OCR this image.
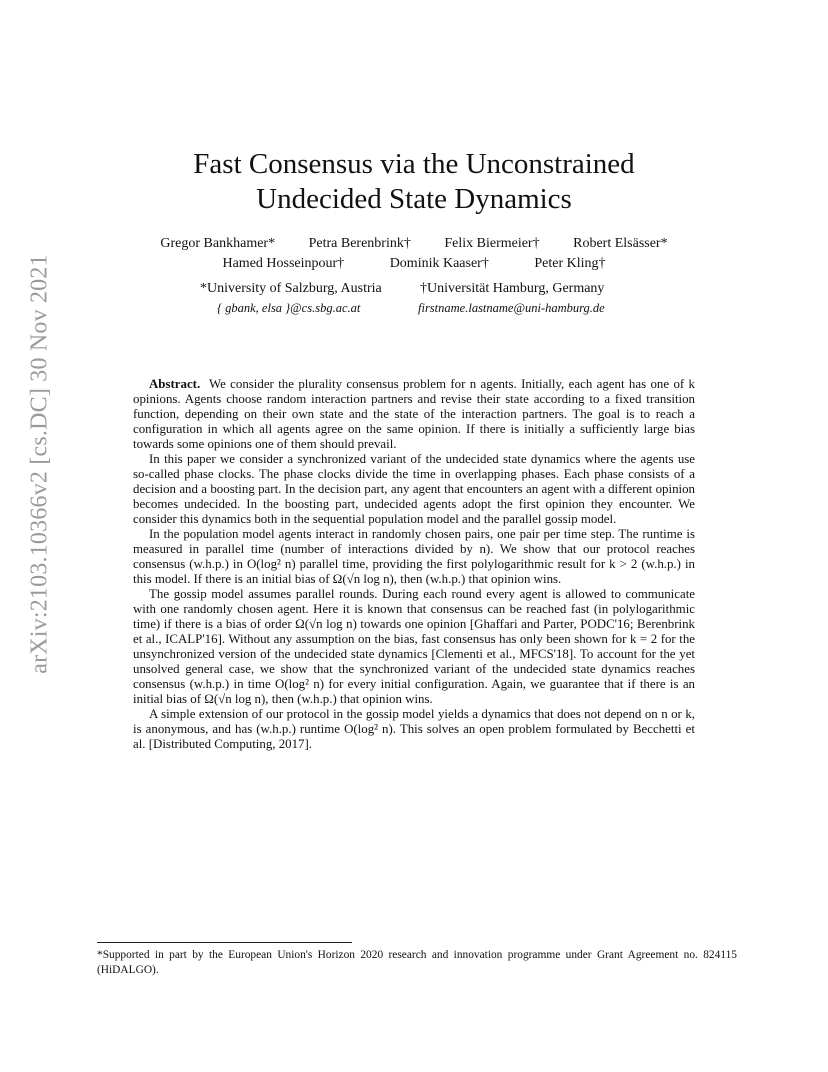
arXiv:2103.10366v2 [cs.DC] 30 Nov 2021
Fast Consensus via the Unconstrained
Undecided State Dynamics
Gregor Bankhamer* Petra Berenbrink† Felix Biermeier† Robert Elsässer*
Hamed Hosseinpour†	Dominik Kaaser†	Peter Kling†
*University of Salzburg, Austria	†Universität Hamburg, Germany
{ gbank, elsa }@cs.sbg.ac.at	firstname.lastname@uni-hamburg.de

Abstract. We consider the plurality consensus problem for n agents. Initially, each agent has one of k opinions. Agents choose random interaction partners and revise their state according to a fixed transition function, depending on their own state and the state of the interaction partners. The goal is to reach a configuration in which all agents agree on the same opinion. If there is initially a sufficiently large bias towards some opinions one of them should prevail.

In this paper we consider a synchronized variant of the undecided state dynamics where the agents use so-called phase clocks. The phase clocks divide the time in overlapping phases. Each phase consists of a decision and a boosting part. In the decision part, any agent that encounters an agent with a different opinion becomes undecided. In the boosting part, undecided agents adopt the first opinion they encounter. We consider this dynamics both in the sequential population model and the parallel gossip model.

In the population model agents interact in randomly chosen pairs, one pair per time step. The runtime is measured in parallel time (number of interactions divided by n). We show that our protocol reaches consensus (w.h.p.) in O(log² n) parallel time, providing the first polylogarithmic result for k > 2 (w.h.p.) in this model. If there is an initial bias of Ω(√n log n), then (w.h.p.) that opinion wins.

The gossip model assumes parallel rounds. During each round every agent is allowed to communicate with one randomly chosen agent. Here it is known that consensus can be reached fast (in polylogarithmic time) if there is a bias of order Ω(√n log n) towards one opinion [Ghaffari and Parter, PODC'16; Berenbrink et al., ICALP'16]. Without any assumption on the bias, fast consensus has only been shown for k = 2 for the unsynchronized version of the undecided state dynamics [Clementi et al., MFCS'18]. To account for the yet unsolved general case, we show that the synchronized variant of the undecided state dynamics reaches consensus (w.h.p.) in time O(log² n) for every initial configuration. Again, we guarantee that if there is an initial bias of Ω(√n log n), then (w.h.p.) that opinion wins.

A simple extension of our protocol in the gossip model yields a dynamics that does not depend on n or k, is anonymous, and has (w.h.p.) runtime O(log² n). This solves an open problem formulated by Becchetti et al. [Distributed Computing, 2017].

*Supported in part by the European Union's Horizon 2020 research and innovation programme under Grant Agreement no. 824115 (HiDALGO).
